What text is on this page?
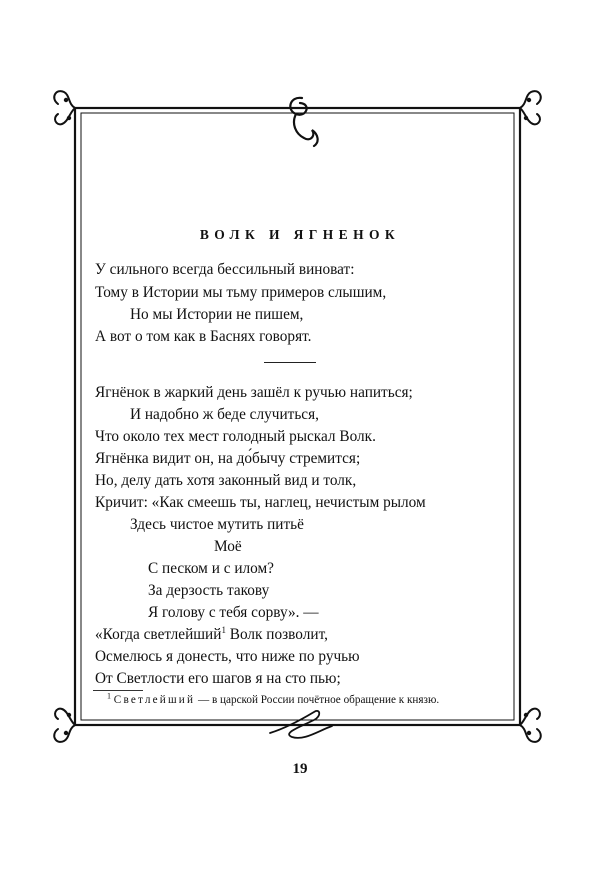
ВОЛК И ЯГНЕНОК
У сильного всегда бессильный виноват:
Тому в Истории мы тьму примеров слышим,
Но мы Истории не пишем,
А вот о том как в Баснях говорят.
Ягнёнок в жаркий день зашёл к ручью напиться;
И надобно ж беде случиться,
Что около тех мест голодный рыскал Волк.
Ягнёнка видит он, на до́бычу стремится;
Но, делу дать хотя законный вид и толк,
Кричит: «Как смеешь ты, наглец, нечистым рылом
Здесь чистое мутить питьё
Моё
С песком и с илом?
За дерзость такову
Я голову с тебя сорву». —
«Когда светлейший$^1$ Волк позволит,
Осмелюсь я донесть, что ниже по ручью
От Светлости его шагов я на сто пью;
$^1$ Светлейший — в царской России почётное обращение к князю.
19
